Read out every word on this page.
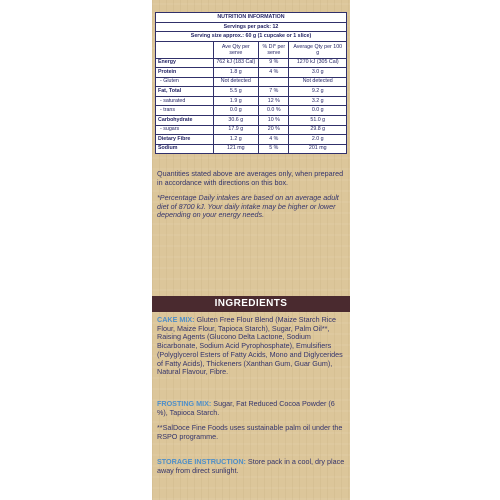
NUTRITION INFORMATION
Servings per pack: 12
Serving size approx.: 60 g (1 cupcake or 1 slice)
	Ave Qty per serve	% DI* per serve	Average Qty per 100 g
Energy	762 kJ (183 Cal)	9 %	1270 kJ (305 Cal)
Protein	1.8 g	4 %	3.0 g
- Gluten	Not detected		Not detected
Fat, Total	5.5 g	7 %	9.2 g
- saturated	1.9 g	12 %	3.2 g
- trans	0.0 g	0.0 %	0.0 g
Carbohydrate	30.6 g	10 %	51.0 g
- sugars	17.9 g	20 %	29.8 g
Dietary Fibre	1.2 g	4 %	2.0 g
Sodium	121 mg	5 %	201 mg
Quantities stated above are averages only, when prepared in accordance with directions on this box.
*Percentage Daily intakes are based on an average adult diet of 8700 kJ. Your daily intake may be higher or lower depending on your energy needs.
INGREDIENTS
CAKE MIX: Gluten Free Flour Blend (Maize Starch Rice Flour, Maize Flour, Tapioca Starch), Sugar, Palm Oil**, Raising Agents (Glucono Delta Lactone, Sodium Bicarbonate, Sodium Acid Pyrophosphate), Emulsifiers (Polyglycerol Esters of Fatty Acids, Mono and Diglycerides of Fatty Acids), Thickeners (Xanthan Gum, Guar Gum), Natural Flavour, Fibre.
FROSTING MIX: Sugar, Fat Reduced Cocoa Powder (6 %), Tapioca Starch.
**SalDoce Fine Foods uses sustainable palm oil under the RSPO programme.
STORAGE INSTRUCTION: Store pack in a cool, dry place away from direct sunlight.
